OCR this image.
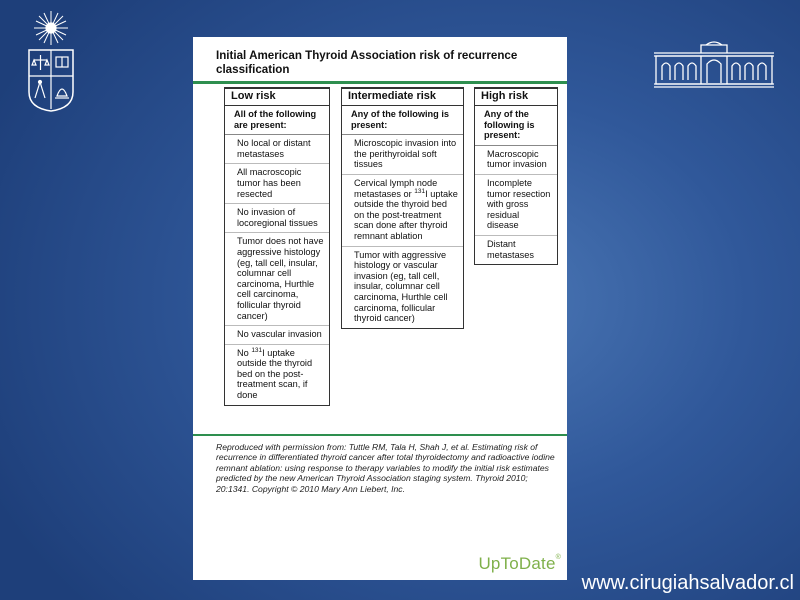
Initial American Thyroid Association risk of recurrence classification
Low risk
All of the following are present:
No local or distant metastases
All macroscopic tumor has been resected
No invasion of locoregional tissues
Tumor does not have aggressive histology (eg, tall cell, insular, columnar cell carcinoma, Hurthle cell carcinoma, follicular thyroid cancer)
No vascular invasion
No $^{131}$I uptake outside the thyroid bed on the post-treatment scan, if done
Intermediate risk
Any of the following is present:
Microscopic invasion into the perithyroidal soft tissues
Cervical lymph node metastases or $^{131}$I uptake outside the thyroid bed on the post-treatment scan done after thyroid remnant ablation
Tumor with aggressive histology or vascular invasion (eg, tall cell, insular, columnar cell carcinoma, Hurthle cell carcinoma, follicular thyroid cancer)
High risk
Any of the following is present:
Macroscopic tumor invasion
Incomplete tumor resection with gross residual disease
Distant metastases
Reproduced with permission from: Tuttle RM, Tala H, Shah J, et al. Estimating risk of recurrence in differentiated thyroid cancer after total thyroidectomy and radioactive iodine remnant ablation: using response to therapy variables to modify the initial risk estimates predicted by the new American Thyroid Association staging system. Thyroid 2010; 20:1341. Copyright © 2010 Mary Ann Liebert, Inc.
UpToDate®
www.cirugiahsalvador.cl
